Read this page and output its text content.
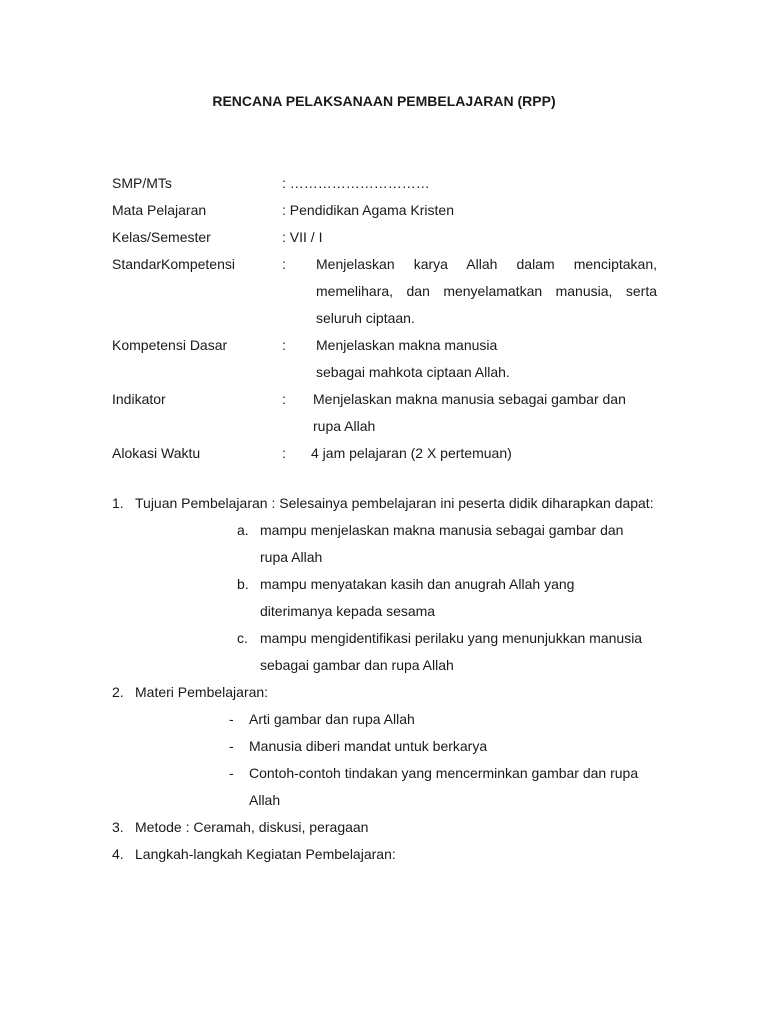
RENCANA PELAKSANAAN PEMBELAJARAN (RPP)
SMP/MTs	: …………………………
Mata Pelajaran	: Pendidikan Agama Kristen
Kelas/Semester	: VII / I
StandarKompetensi	:	Menjelaskan karya Allah dalam menciptakan, memelihara, dan menyelamatkan manusia, serta seluruh ciptaan.
Kompetensi Dasar	:	Menjelaskan makna manusia sebagai mahkota ciptaan Allah.
Indikator	:	Menjelaskan makna manusia sebagai gambar dan rupa Allah
Alokasi Waktu	:	4 jam pelajaran (2 X pertemuan)
1. Tujuan Pembelajaran : Selesainya pembelajaran ini peserta didik diharapkan dapat:
a. mampu menjelaskan makna manusia sebagai gambar dan rupa Allah
b. mampu menyatakan kasih dan anugrah Allah yang diterimanya kepada sesama
c. mampu mengidentifikasi perilaku yang menunjukkan manusia sebagai gambar dan rupa Allah
2. Materi Pembelajaran:
-	Arti gambar dan rupa Allah
-	Manusia diberi mandat untuk berkarya
-	Contoh-contoh tindakan yang mencerminkan gambar dan rupa Allah
3. Metode : Ceramah, diskusi, peragaan
4. Langkah-langkah Kegiatan Pembelajaran:
